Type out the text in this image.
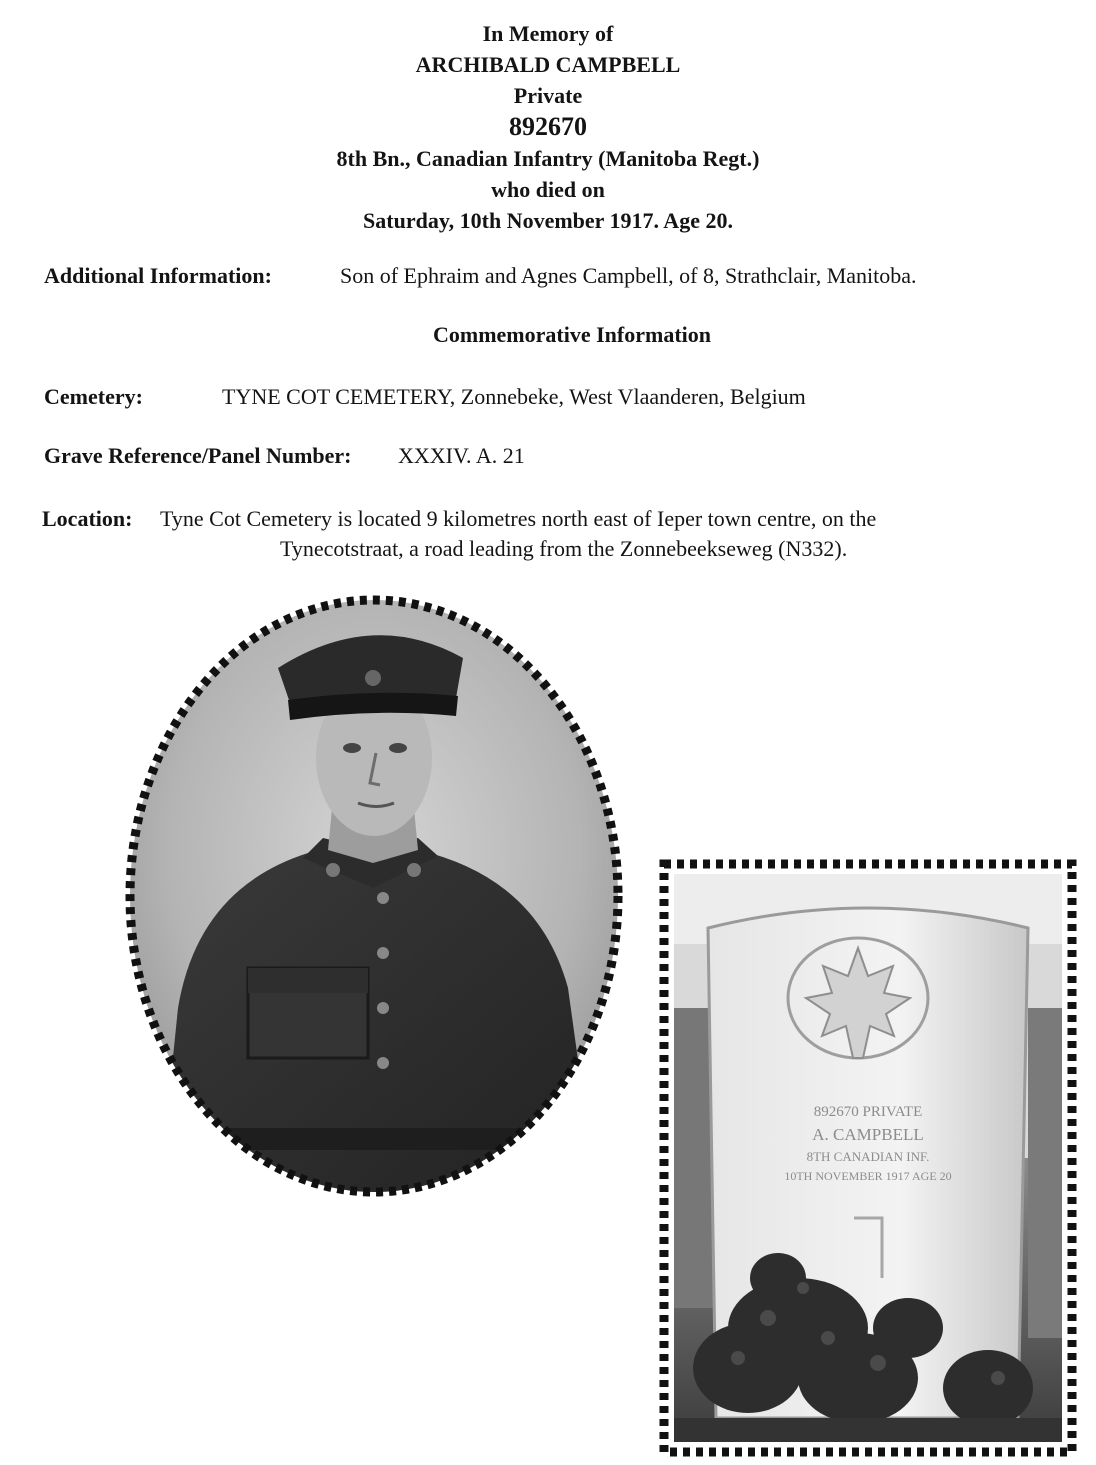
In Memory of
ARCHIBALD CAMPBELL
Private
892670
8th Bn., Canadian Infantry (Manitoba Regt.)
who died on
Saturday, 10th November 1917. Age 20.
Additional Information:	Son of Ephraim and Agnes Campbell, of 8, Strathclair, Manitoba.
Commemorative Information
Cemetery:	TYNE COT CEMETERY, Zonnebeke, West Vlaanderen, Belgium
Grave Reference/Panel Number: XXXIV. A. 21
Location: Tyne Cot Cemetery is located 9 kilometres north east of Ieper town centre, on the
Tynecotstraat, a road leading from the Zonnebeekseweg (N332).
892670 PRIVATE
A. CAMPBELL
8TH CANADIAN INF.
10TH NOVEMBER 1917 AGE 20
